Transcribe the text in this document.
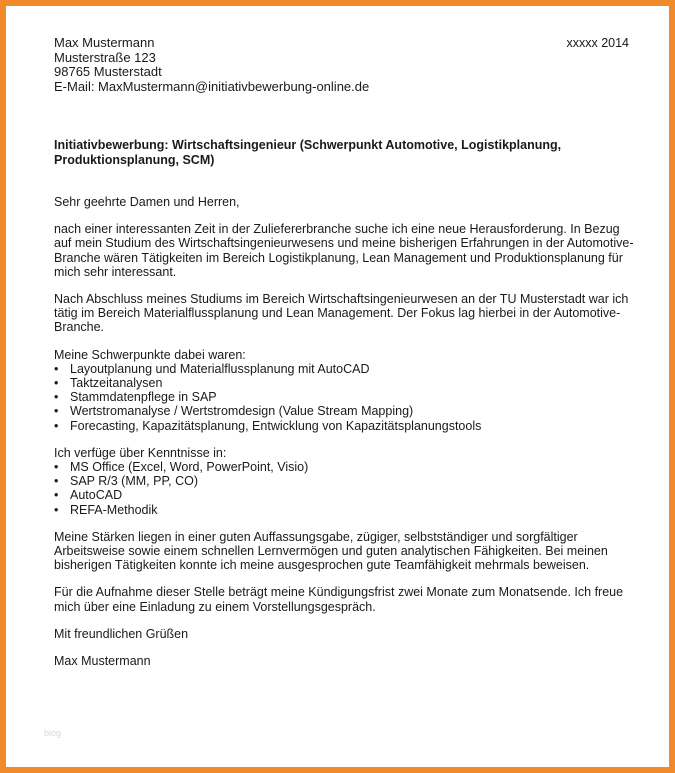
Max Mustermann
Musterstraße 123
98765 Musterstadt
E-Mail: MaxMustermann@initiativbewerbung-online.de
xxxxx 2014
Initiativbewerbung: Wirtschaftsingenieur (Schwerpunkt Automotive, Logistikplanung, Produktionsplanung, SCM)

Sehr geehrte Damen und Herren,

nach einer interessanten Zeit in der Zuliefererbranche suche ich eine neue Herausforderung. In Bezug auf mein Studium des Wirtschaftsingenieurwesens und meine bisherigen Erfahrungen in der Automotive-Branche wären Tätigkeiten im Bereich Logistikplanung, Lean Management und Produktionsplanung für mich sehr interessant.

Nach Abschluss meines Studiums im Bereich Wirtschaftsingenieurwesen an der TU Musterstadt war ich tätig im Bereich Materialflussplanung und Lean Management. Der Fokus lag hierbei in der Automotive-Branche.

Meine Schwerpunkte dabei waren:

• Layoutplanung und Materialflussplanung mit AutoCAD
• Taktzeitanalysen
• Stammdatenpflege in SAP
• Wertstromanalyse / Wertstromdesign (Value Stream Mapping)
• Forecasting, Kapazitätsplanung, Entwicklung von Kapazitätsplanungstools

Ich verfüge über Kenntnisse in:

• MS Office (Excel, Word, PowerPoint, Visio)
• SAP R/3 (MM, PP, CO)
• AutoCAD
• REFA-Methodik

Meine Stärken liegen in einer guten Auffassungsgabe, zügiger, selbstständiger und sorgfältiger Arbeitsweise sowie einem schnellen Lernvermögen und guten analytischen Fähigkeiten. Bei meinen bisherigen Tätigkeiten konnte ich meine ausgesprochen gute Teamfähigkeit mehrmals beweisen.

Für die Aufnahme dieser Stelle beträgt meine Kündigungsfrist zwei Monate zum Monatsende. Ich freue mich über eine Einladung zu einem Vorstellungsgespräch.

Mit freundlichen Grüßen

Max Mustermann

blog
